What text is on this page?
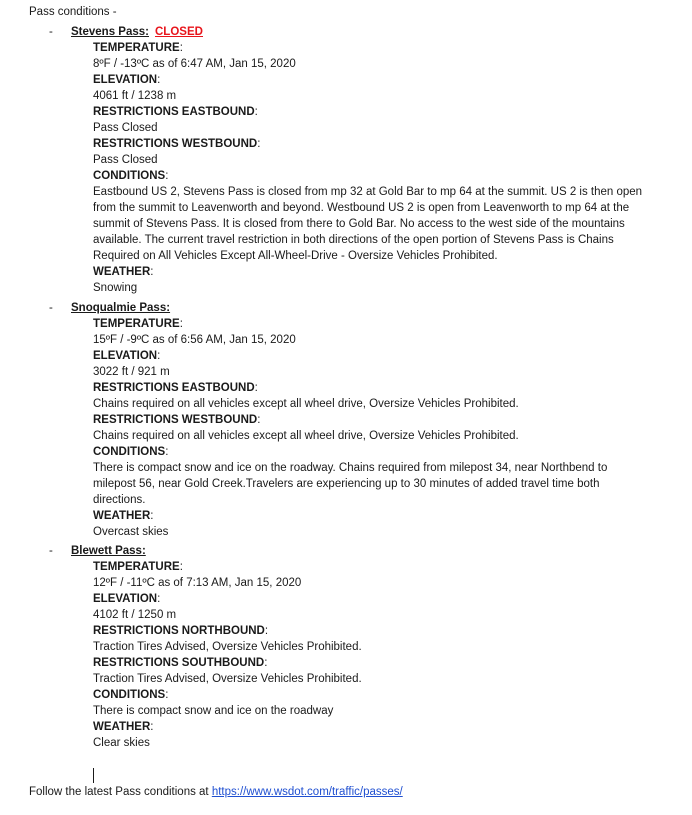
Pass conditions -
- Stevens Pass: CLOSED
TEMPERATURE:
8ºF / -13ºC as of 6:47 AM, Jan 15, 2020
ELEVATION:
4061 ft / 1238 m
RESTRICTIONS EASTBOUND:
Pass Closed
RESTRICTIONS WESTBOUND:
Pass Closed
CONDITIONS:
Eastbound US 2, Stevens Pass is closed from mp 32 at Gold Bar to mp 64 at the summit. US 2 is then open
from the summit to Leavenworth and beyond. Westbound US 2 is open from Leavenworth to mp 64 at the
summit of Stevens Pass. It is closed from there to Gold Bar. No access to the west side of the mountains
available. The current travel restriction in both directions of the open portion of Stevens Pass is Chains
Required on All Vehicles Except All-Wheel-Drive - Oversize Vehicles Prohibited.
WEATHER:
Snowing
- Snoqualmie Pass:
TEMPERATURE:
15ºF / -9ºC as of 6:56 AM, Jan 15, 2020
ELEVATION:
3022 ft / 921 m
RESTRICTIONS EASTBOUND:
Chains required on all vehicles except all wheel drive, Oversize Vehicles Prohibited.
RESTRICTIONS WESTBOUND:
Chains required on all vehicles except all wheel drive, Oversize Vehicles Prohibited.
CONDITIONS:
There is compact snow and ice on the roadway. Chains required from milepost 34, near Northbend to
milepost 56, near Gold Creek.Travelers are experiencing up to 30 minutes of added travel time both
directions.
WEATHER:
Overcast skies
- Blewett Pass:
TEMPERATURE:
12ºF / -11ºC as of 7:13 AM, Jan 15, 2020
ELEVATION:
4102 ft / 1250 m
RESTRICTIONS NORTHBOUND:
Traction Tires Advised, Oversize Vehicles Prohibited.
RESTRICTIONS SOUTHBOUND:
Traction Tires Advised, Oversize Vehicles Prohibited.
CONDITIONS:
There is compact snow and ice on the roadway
WEATHER:
Clear skies
Follow the latest Pass conditions at https://www.wsdot.com/traffic/passes/
